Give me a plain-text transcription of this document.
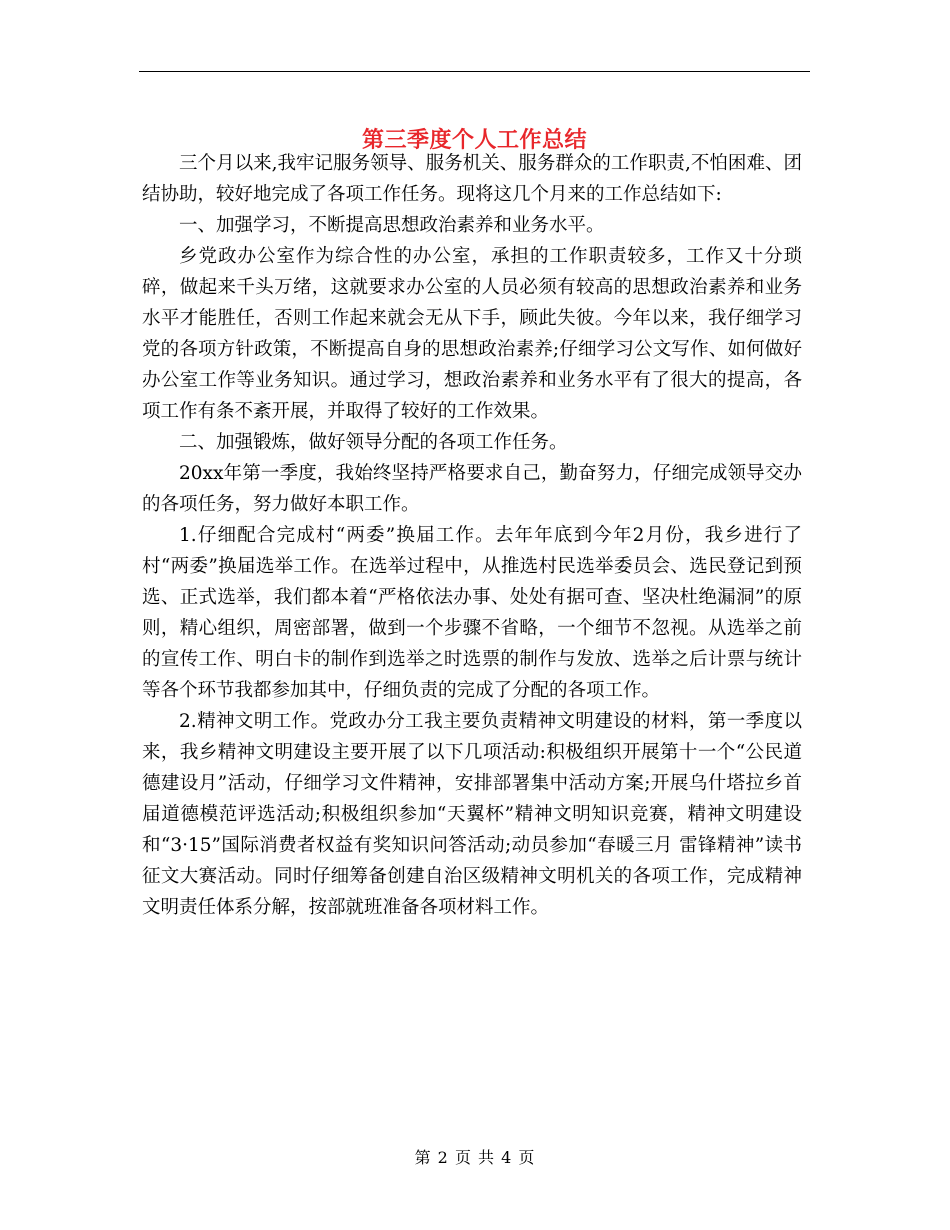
第三季度个人工作总结

三个月以来,我牢记服务领导、服务机关、服务群众的工作职责,不怕困难、团结协助，较好地完成了各项工作任务。现将这几个月来的工作总结如下:

一、加强学习，不断提高思想政治素养和业务水平。

乡党政办公室作为综合性的办公室，承担的工作职责较多，工作又十分琐碎，做起来千头万绪，这就要求办公室的人员必须有较高的思想政治素养和业务水平才能胜任，否则工作起来就会无从下手，顾此失彼。今年以来，我仔细学习党的各项方针政策，不断提高自身的思想政治素养;仔细学习公文写作、如何做好办公室工作等业务知识。通过学习，想政治素养和业务水平有了很大的提高，各项工作有条不紊开展，并取得了较好的工作效果。

二、加强锻炼，做好领导分配的各项工作任务。

20xx年第一季度，我始终坚持严格要求自己，勤奋努力，仔细完成领导交办的各项任务，努力做好本职工作。

1.仔细配合完成村“两委”换届工作。去年年底到今年2月份，我乡进行了村“两委”换届选举工作。在选举过程中，从推选村民选举委员会、选民登记到预选、正式选举，我们都本着“严格依法办事、处处有据可查、坚决杜绝漏洞”的原则，精心组织，周密部署，做到一个步骤不省略，一个细节不忽视。从选举之前的宣传工作、明白卡的制作到选举之时选票的制作与发放、选举之后计票与统计等各个环节我都参加其中，仔细负责的完成了分配的各项工作。

2.精神文明工作。党政办分工我主要负责精神文明建设的材料，第一季度以来，我乡精神文明建设主要开展了以下几项活动:积极组织开展第十一个“公民道德建设月”活动，仔细学习文件精神，安排部署集中活动方案;开展乌什塔拉乡首届道德模范评选活动;积极组织参加“天翼杯”精神文明知识竞赛，精神文明建设和“3·15”国际消费者权益有奖知识问答活动;动员参加“春暖三月 雷锋精神”读书征文大赛活动。同时仔细筹备创建自治区级精神文明机关的各项工作，完成精神文明责任体系分解，按部就班准备各项材料工作。

第 2 页 共 4 页
